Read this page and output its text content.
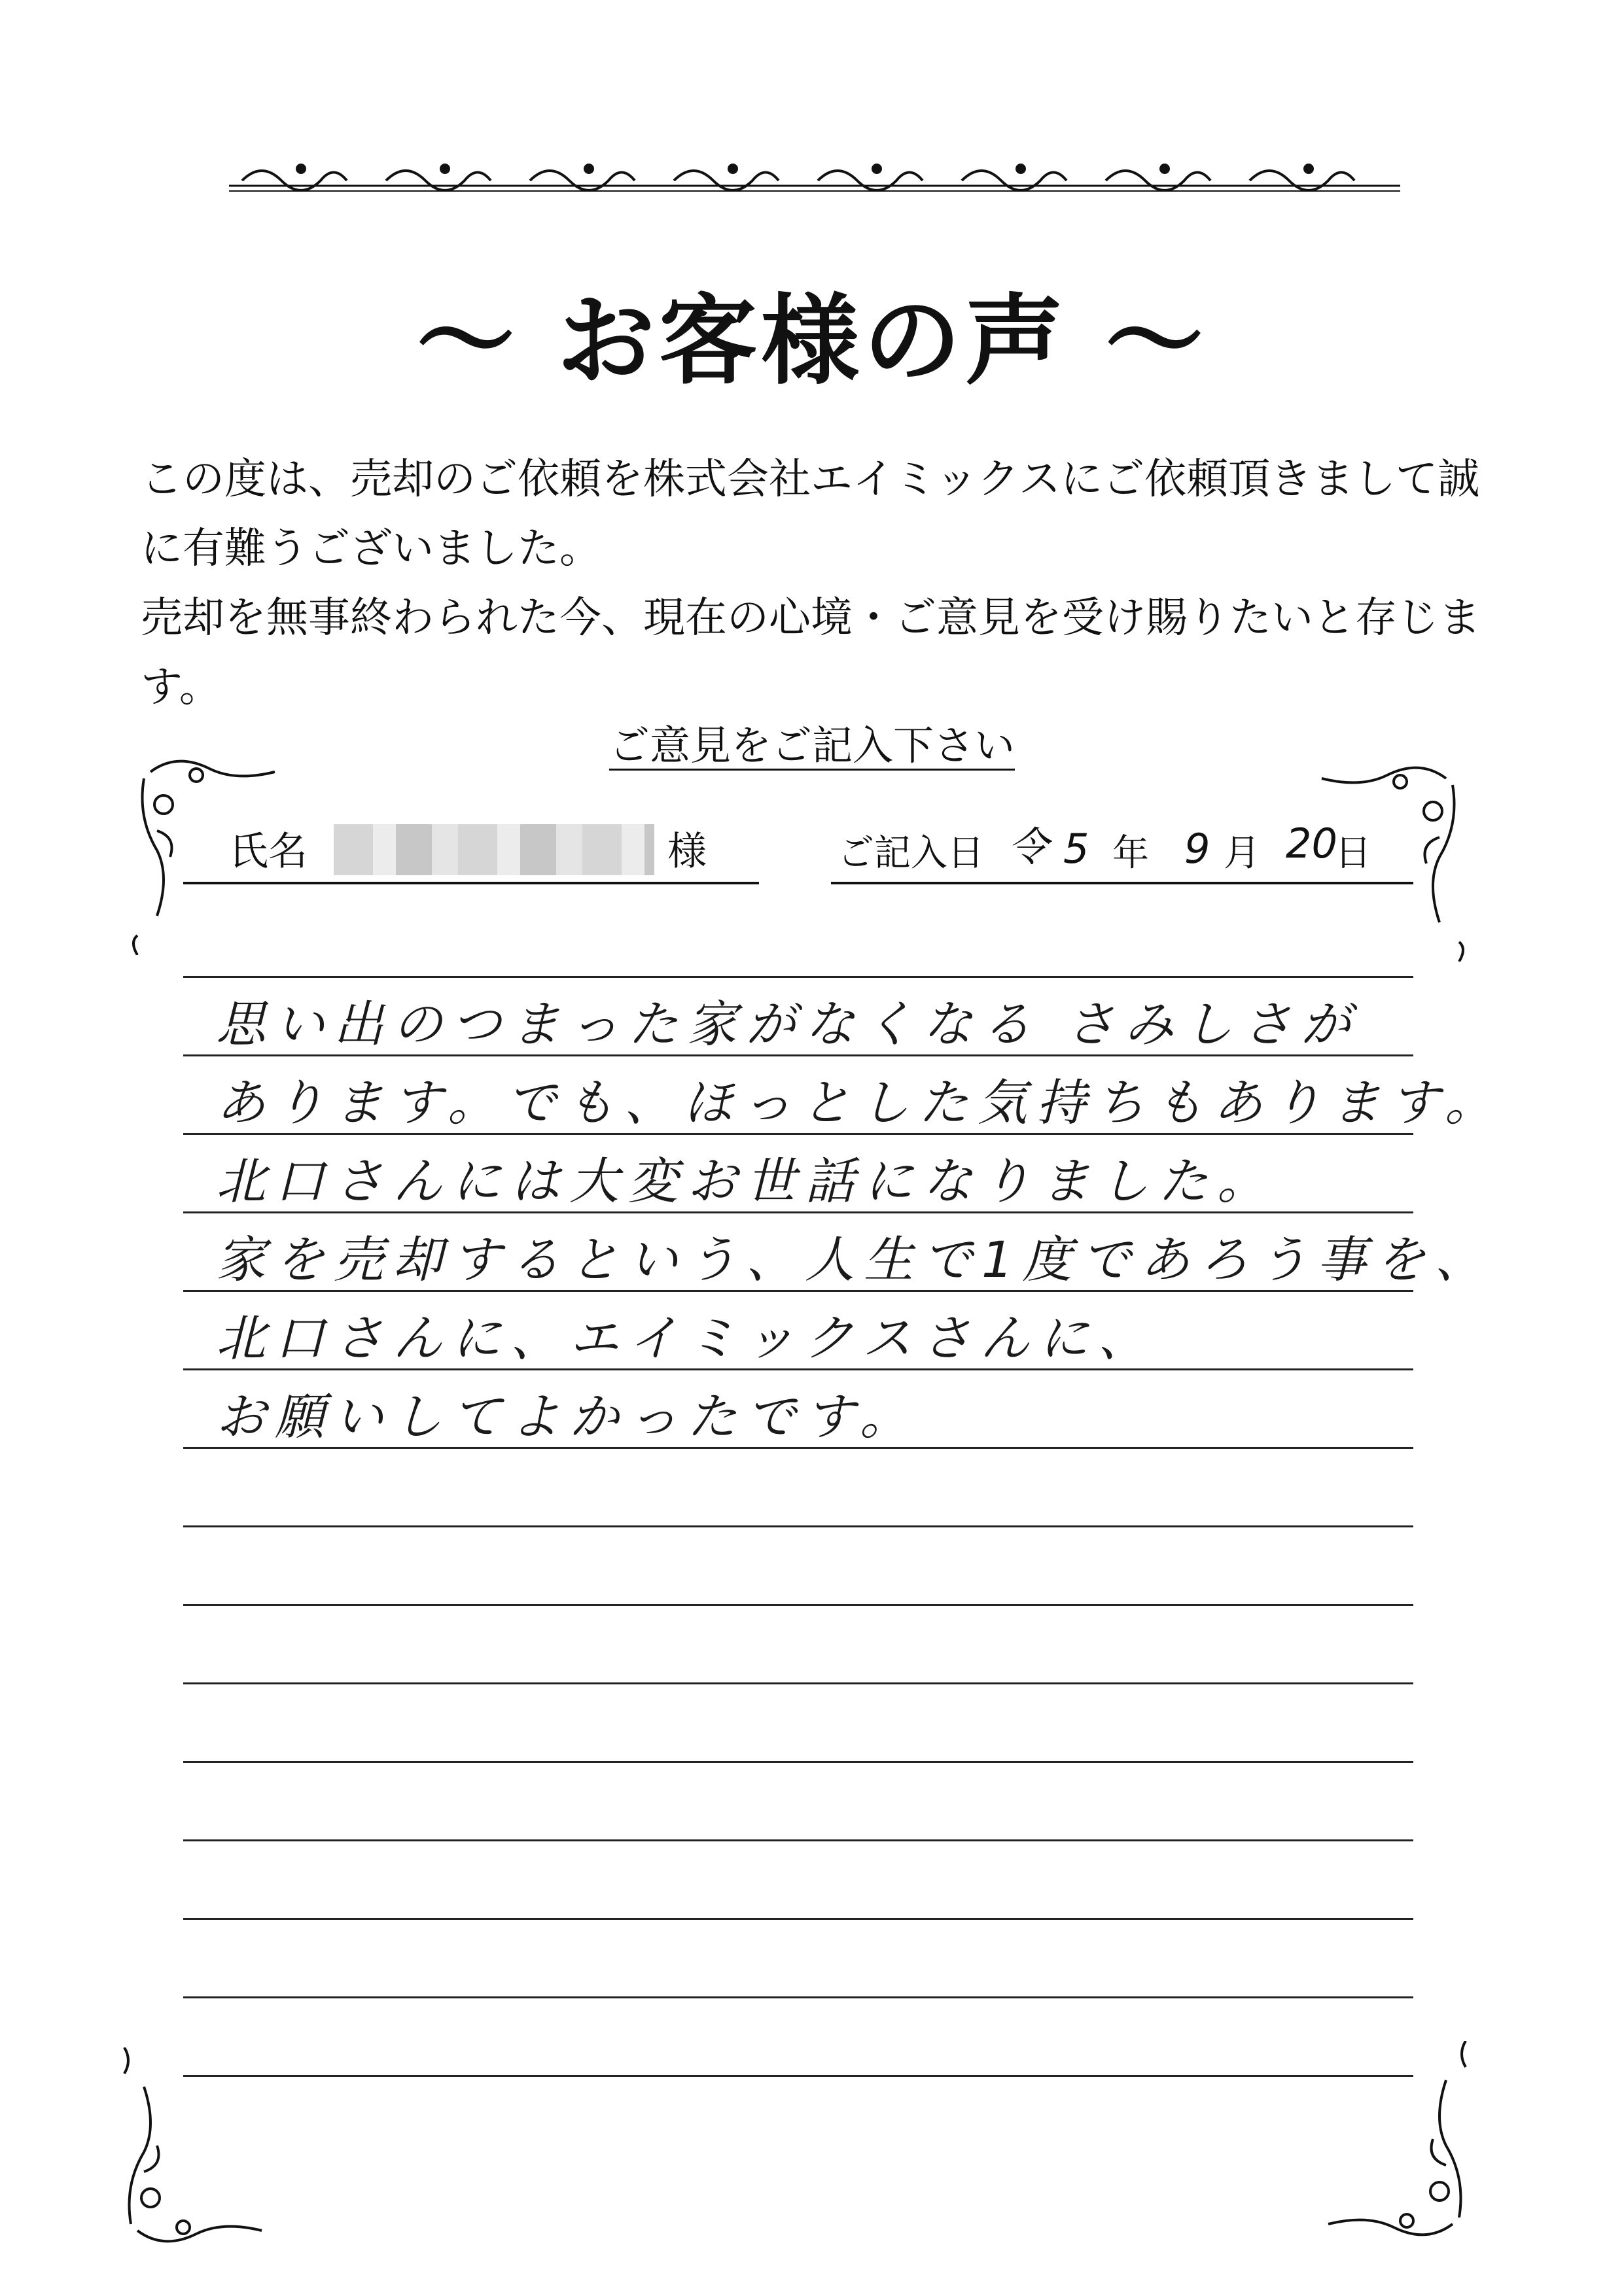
～ お客様の声 ～

この度は、売却のご依頼を株式会社エイミックスにご依頼頂きまして誠に有難うございました。

売却を無事終わられた今、現在の心境・ご意見を受け賜りたいと存じます。

ご意見をご記入下さい
氏名	様	ご記入日 令 5 年 9 月 20
日
思い出のつまった家がなくなる さみしさが
あります。でも、ほっとした気持ちもあります。
北口さんには大変お世話になりました。
家を売却するという、人生で1度であろう事を、
北口さんに、エイミックスさんに、
お願いしてよかったです。
